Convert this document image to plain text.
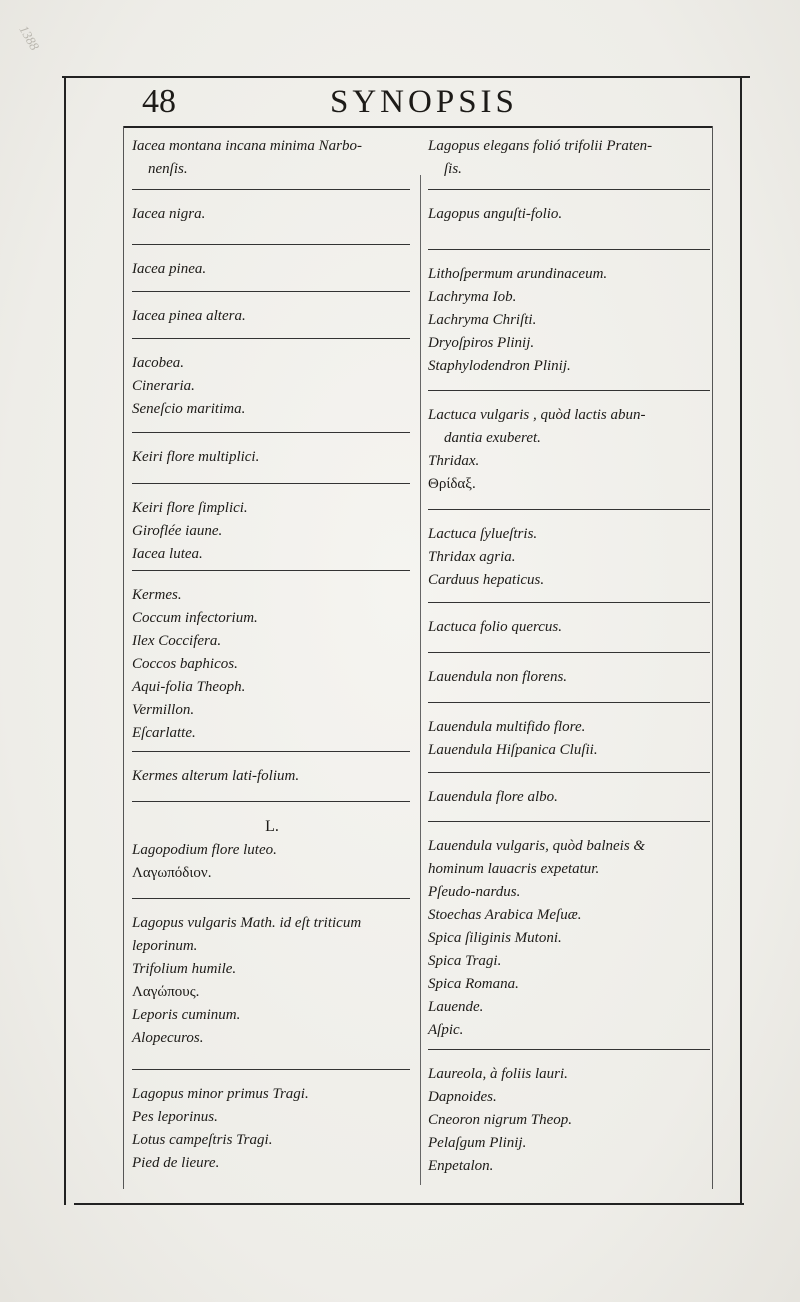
1388
48	SYNOPSIS
Iacea montana incana minima Narbo-
nenſis.
Iacea nigra.
Iacea pinea.
Iacea pinea altera.
Iacobea.
Cineraria.
Seneſcio maritima.
Keiri flore multiplici.
Keiri flore ſimplici.
Giroflée iaune.
Iacea lutea.
Kermes.
Coccum infectorium.
Ilex Coccifera.
Coccos baphicos.
Aqui-folia Theoph.
Vermillon.
Eſcarlatte.
Kermes alterum lati-folium.
L.
Lagopodium flore luteo.
Λαγωπόδιον.
Lagopus vulgaris Math. id eſt triticum
leporinum.
Trifolium humile.
Λαγώπους.
Leporis cuminum.
Alopecuros.
Lagopus minor primus Tragi.
Pes leporinus.
Lotus campeſtris Tragi.
Pied de lieure.
Lagopus elegans folió trifolii Praten-
ſis.
Lagopus anguſti-folio.
Lithoſpermum arundinaceum.
Lachryma Iob.
Lachryma Chriſti.
Dryoſpiros Plinij.
Staphylodendron Plinij.
Lactuca vulgaris , quòd lactis abun-
dantia exuberet.
Thridax.
Θρίδαξ.
Lactuca ſylueſtris.
Thridax agria.
Carduus hepaticus.
Lactuca folio quercus.
Lauendula non florens.
Lauendula multifido flore.
Lauendula Hiſpanica Cluſii.
Lauendula flore albo.
Lauendula vulgaris, quòd balneis &
hominum lauacris expetatur.
Pſeudo-nardus.
Stoechas Arabica Meſuæ.
Spica ſiliginis Mutoni.
Spica Tragi.
Spica Romana.
Lauende.
Aſpic.
Laureola, à foliis lauri.
Dapnoides.
Cneoron nigrum Theop.
Pelaſgum Plinij.
Enpetalon.
